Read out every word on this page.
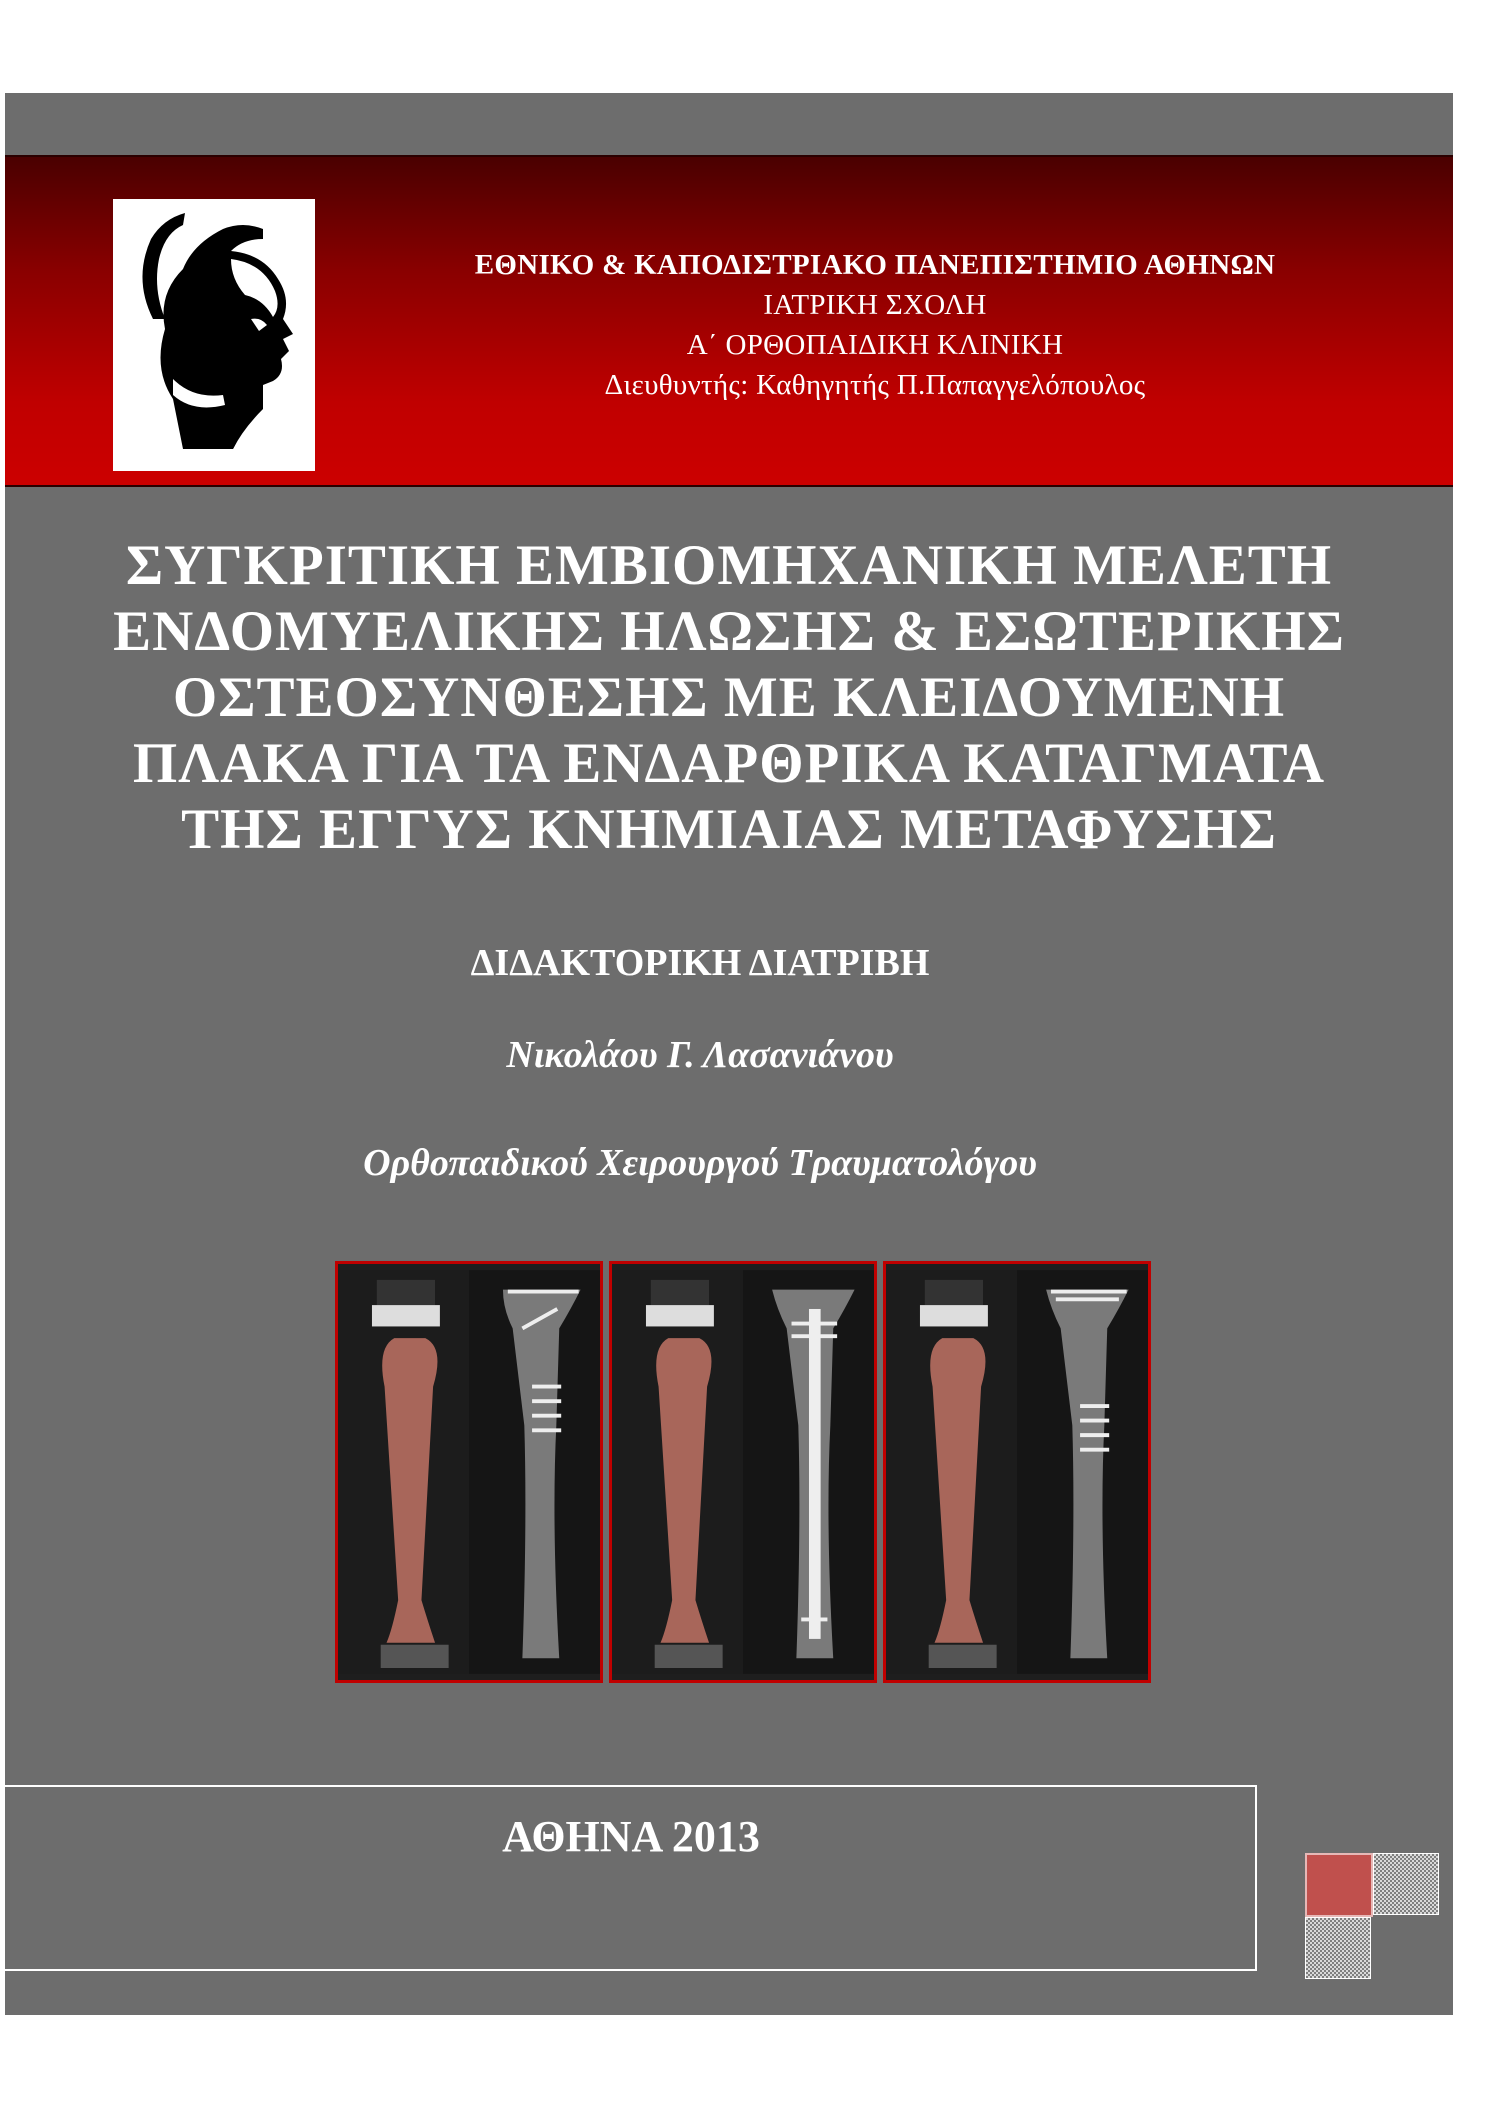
ΕΘΝΙΚΟ & ΚΑΠΟΔΙΣΤΡΙΑΚΟ ΠΑΝΕΠΙΣΤΗΜΙΟ ΑΘΗΝΩΝ
ΙΑΤΡΙΚΗ ΣΧΟΛΗ
Α΄ ΟΡΘΟΠΑΙΔΙΚΗ ΚΛΙΝΙΚΗ
Διευθυντής: Καθηγητής Π.Παπαγγελόπουλος
ΣΥΓΚΡΙΤΙΚΗ ΕΜΒΙΟΜΗΧΑΝΙΚΗ ΜΕΛΕΤΗ
ΕΝΔΟΜΥΕΛΙΚΗΣ ΗΛΩΣΗΣ & ΕΣΩΤΕΡΙΚΗΣ
ΟΣΤΕΟΣΥΝΘΕΣΗΣ ΜΕ ΚΛΕΙΔΟΥΜΕΝΗ
ΠΛΑΚΑ ΓΙΑ ΤΑ ΕΝΔΑΡΘΡΙΚΑ ΚΑΤΑΓΜΑΤΑ
ΤΗΣ ΕΓΓΥΣ ΚΝΗΜΙΑΙΑΣ ΜΕΤΑΦΥΣΗΣ
ΔΙΔΑΚΤΟΡΙΚΗ ΔΙΑΤΡΙΒΗ
Νικολάου Γ. Λασανιάνου
Ορθοπαιδικού Χειρουργού Τραυματολόγου
ΑΘΗΝΑ 2013
